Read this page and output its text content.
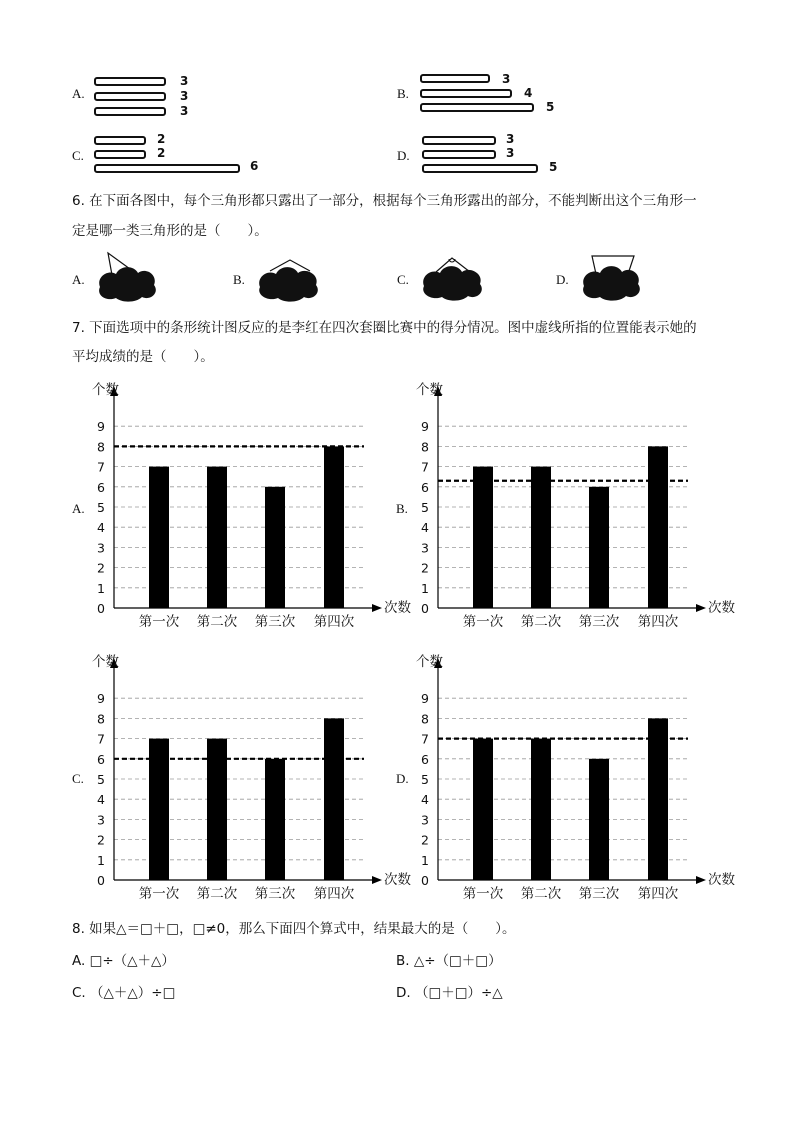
A.
3
3
3
B.
3
4
5
C.
2
2
6
D.
3
3
5
6. 在下面各图中，每个三角形都只露出了一部分，根据每个三角形露出的部分，不能判断出这个三角形一
定是哪一类三角形的是（　　）。
A.	B.	C.	D.
7. 下面选项中的条形统计图反应的是李红在四次套圈比赛中的得分情况。图中虚线所指的位置能表示她的
平均成绩的是（　　）。
A.	B.
C.	D.
第一次 第二次 第三次 第四次
0
1
2
3
4
5
6
7
8
9
个数
次数
第一次 第二次 第三次 第四次
0
1
2
3
4
5
6
7
8
9
个数
次数
第一次 第二次 第三次 第四次
0
1
2
3
4
5
6
7
8
9
个数
次数
第一次 第二次 第三次 第四次
0
1
2
3
4
5
6
7
8
9
个数
次数
8. 如果△＝□＋□，□≠0，那么下面四个算式中，结果最大的是（　　）。
A. □÷（△＋△）	B. △÷（□＋□）
C. （△＋△）÷□	D. （□＋□）÷△
